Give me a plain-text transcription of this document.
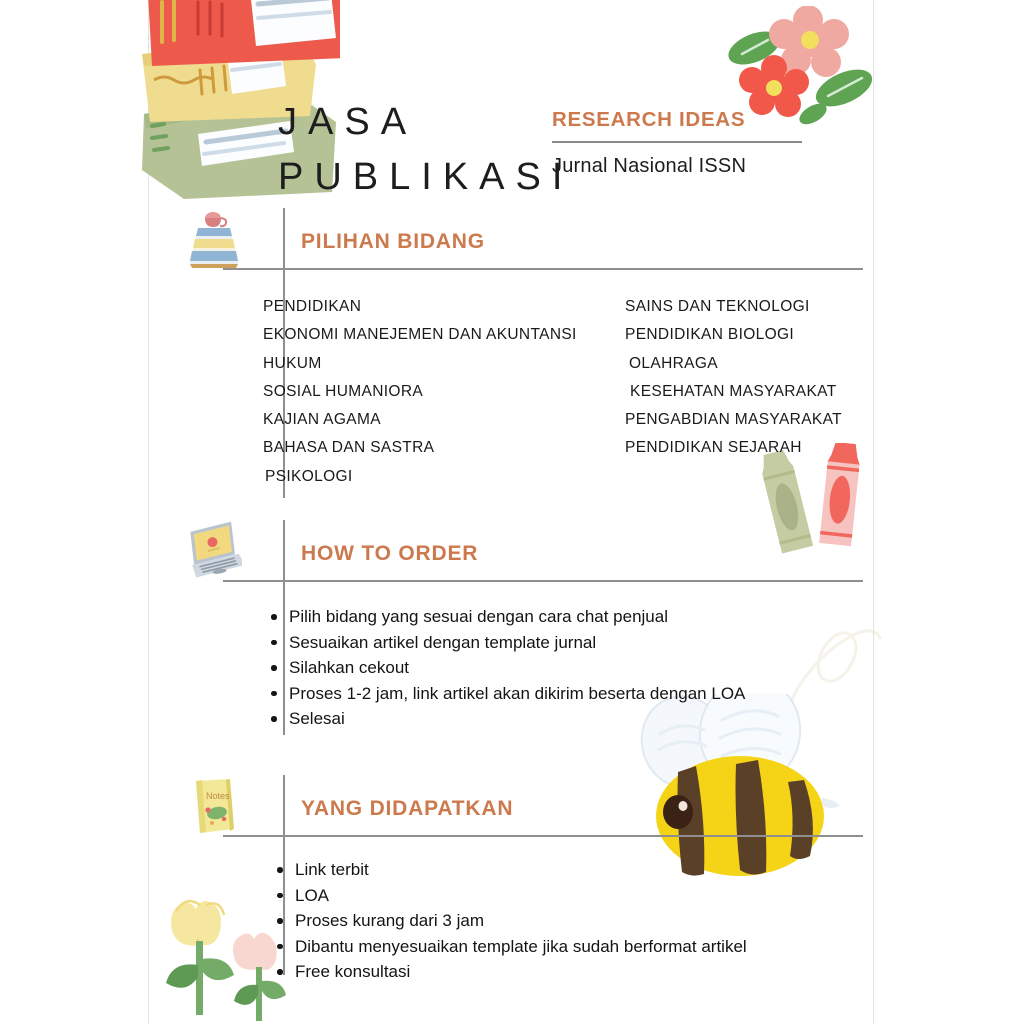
JASA
PUBLIKASI
RESEARCH IDEAS
Jurnal Nasional ISSN
PILIHAN BIDANG
PENDIDIKAN
EKONOMI MANEJEMEN DAN AKUNTANSI
HUKUM
SOSIAL HUMANIORA
KAJIAN AGAMA
BAHASA DAN SASTRA
PSIKOLOGI
SAINS DAN TEKNOLOGI
PENDIDIKAN BIOLOGI
OLAHRAGA
KESEHATAN MASYARAKAT
PENGABDIAN MASYARAKAT
PENDIDIKAN SEJARAH
HOW TO ORDER
Pilih bidang yang sesuai dengan cara chat penjual
Sesuaikan artikel dengan template jurnal
Silahkan cekout
Proses 1-2 jam, link artikel akan dikirim beserta dengan LOA
Selesai
Notes
YANG DIDAPATKAN
Link terbit
LOA
Proses kurang dari 3 jam
Dibantu menyesuaikan template jika sudah berformat artikel
Free konsultasi
